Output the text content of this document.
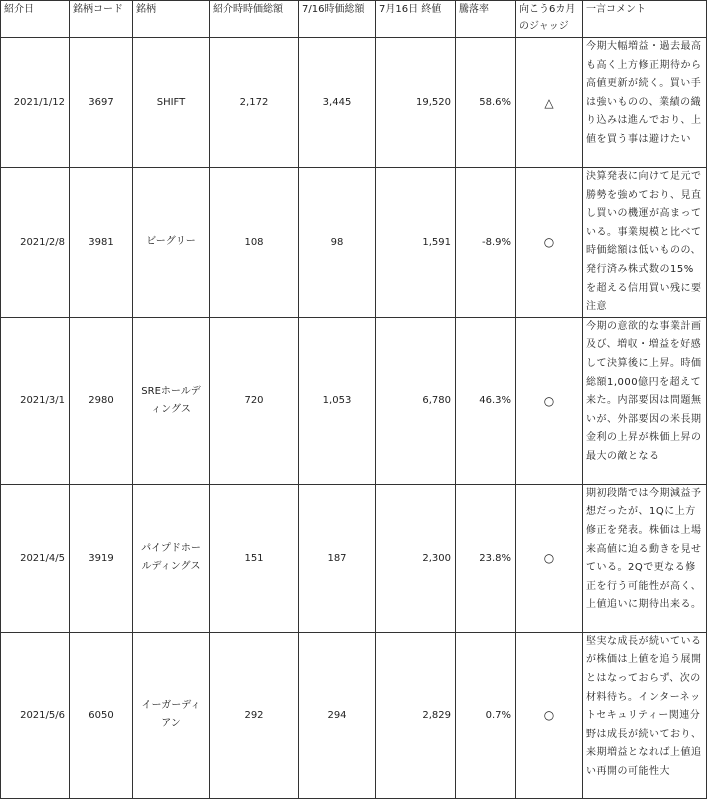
紹介日	銘柄コード	銘柄	紹介時時価総額	7/16時価総額	7月16日 終値	騰落率	向こう6カ月
のジャッジ	一言コメント
2021/1/12	3697	SHIFT	2,172	3,445	19,520	58.6%	△	今期大幅増益・過去最高も高く上方修正期待から高値更新が続く。買い手は強いものの、業績の織り込みは進んでおり、上値を買う事は避けたい
2021/2/8	3981	ビーグリー	108	98	1,591	-8.9%	○	決算発表に向けて足元で勝勢を強めており、見直し買いの機運が高まっている。事業規模と比べて時価総額は低いものの、発行済み株式数の15%を超える信用買い残に要注意
2021/3/1	2980	SREホールディングス	720	1,053	6,780	46.3%	○	今期の意欲的な事業計画及び、増収・増益を好感して決算後に上昇。時価総額1,000億円を超えて来た。内部要因は問題無いが、外部要因の米長期金利の上昇が株価上昇の最大の敵となる
2021/4/5	3919	パイプドホールディングス	151	187	2,300	23.8%	○	期初段階では今期減益予想だったが、1Qに上方修正を発表。株価は上場来高値に迫る動きを見せている。2Qで更なる修正を行う可能性が高く、上値追いに期待出来る。
2021/5/6	6050	イーガーディアン	292	294	2,829	0.7%	○	堅実な成長が続いているが株価は上値を追う展開とはなっておらず、次の材料待ち。インターネットセキュリティー関連分野は成長が続いており、来期増益となれば上値追い再開の可能性大
